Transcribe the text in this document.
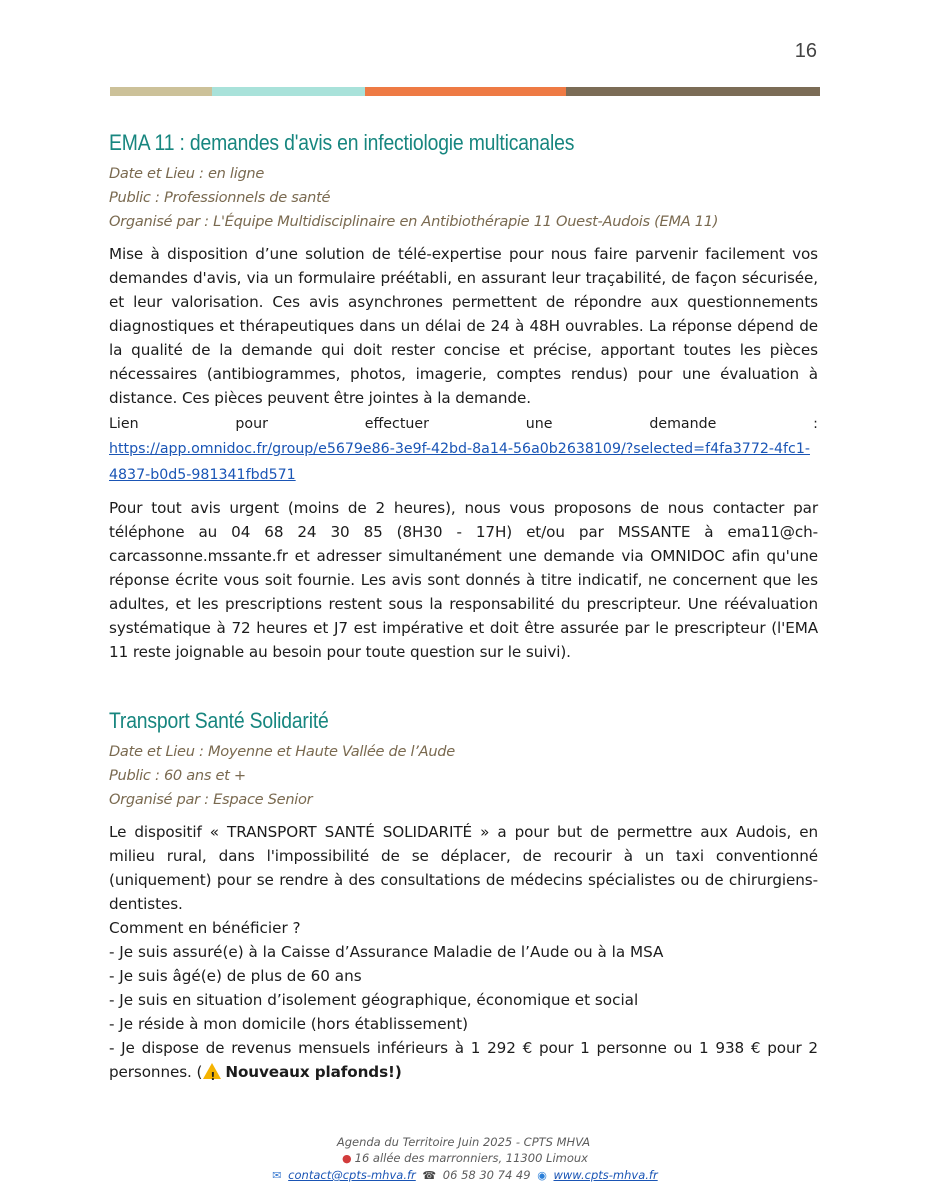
16
EMA 11 : demandes d'avis en infectiologie multicanales

Date et Lieu : en ligne

Public : Professionnels de santé

Organisé par : L'Équipe Multidisciplinaire en Antibiothérapie 11 Ouest-Audois (EMA 11)

Mise à disposition d’une solution de télé-expertise pour nous faire parvenir facilement vos demandes d'avis, via un formulaire préétabli, en assurant leur traçabilité, de façon sécurisée, et leur valorisation. Ces avis asynchrones permettent de répondre aux questionnements diagnostiques et thérapeutiques dans un délai de 24 à 48H ouvrables. La réponse dépend de la qualité de la demande qui doit rester concise et précise, apportant toutes les pièces nécessaires (antibiogrammes, photos, imagerie, comptes rendus) pour une évaluation à distance. Ces pièces peuvent être jointes à la demande.

Lien	pour	effectuer	une	demande	:
https://app.omnidoc.fr/group/e5679e86-3e9f-42bd-8a14-56a0b2638109/?selected=f4fa3772-4fc1-4837-b0d5-981341fbd571

Pour tout avis urgent (moins de 2 heures), nous vous proposons de nous contacter par téléphone au 04 68 24 30 85 (8H30 - 17H) et/ou par MSSANTE à ema11@ch-carcassonne.mssante.fr et adresser simultanément une demande via OMNIDOC afin qu'une réponse écrite vous soit fournie. Les avis sont donnés à titre indicatif, ne concernent que les adultes, et les prescriptions restent sous la responsabilité du prescripteur. Une réévaluation systématique à 72 heures et J7 est impérative et doit être assurée par le prescripteur (l'EMA 11 reste joignable au besoin pour toute question sur le suivi).

Transport Santé Solidarité

Date et Lieu : Moyenne et Haute Vallée de l’Aude

Public : 60 ans et +

Organisé par : Espace Senior

Le dispositif « TRANSPORT SANTÉ SOLIDARITÉ » a pour but de permettre aux Audois, en milieu rural, dans l'impossibilité de se déplacer, de recourir à un taxi conventionné (uniquement) pour se rendre à des consultations de médecins spécialistes ou de chirurgiens-dentistes.

Comment en bénéficier ?

- Je suis assuré(e) à la Caisse d’Assurance Maladie de l’Aude ou à la MSA

- Je suis âgé(e) de plus de 60 ans

- Je suis en situation d’isolement géographique, économique et social

- Je réside à mon domicile (hors établissement)

- Je dispose de revenus mensuels inférieurs à 1 292 € pour 1 personne ou 1 938 € pour 2 personnes. (! Nouveaux plafonds!)

Agenda du Territoire Juin 2025 - CPTS MHVA
● 16 allée des marronniers, 11300 Limoux
✉ contact@cpts-mhva.fr ☎ 06 58 30 74 49 ◉ www.cpts-mhva.fr
